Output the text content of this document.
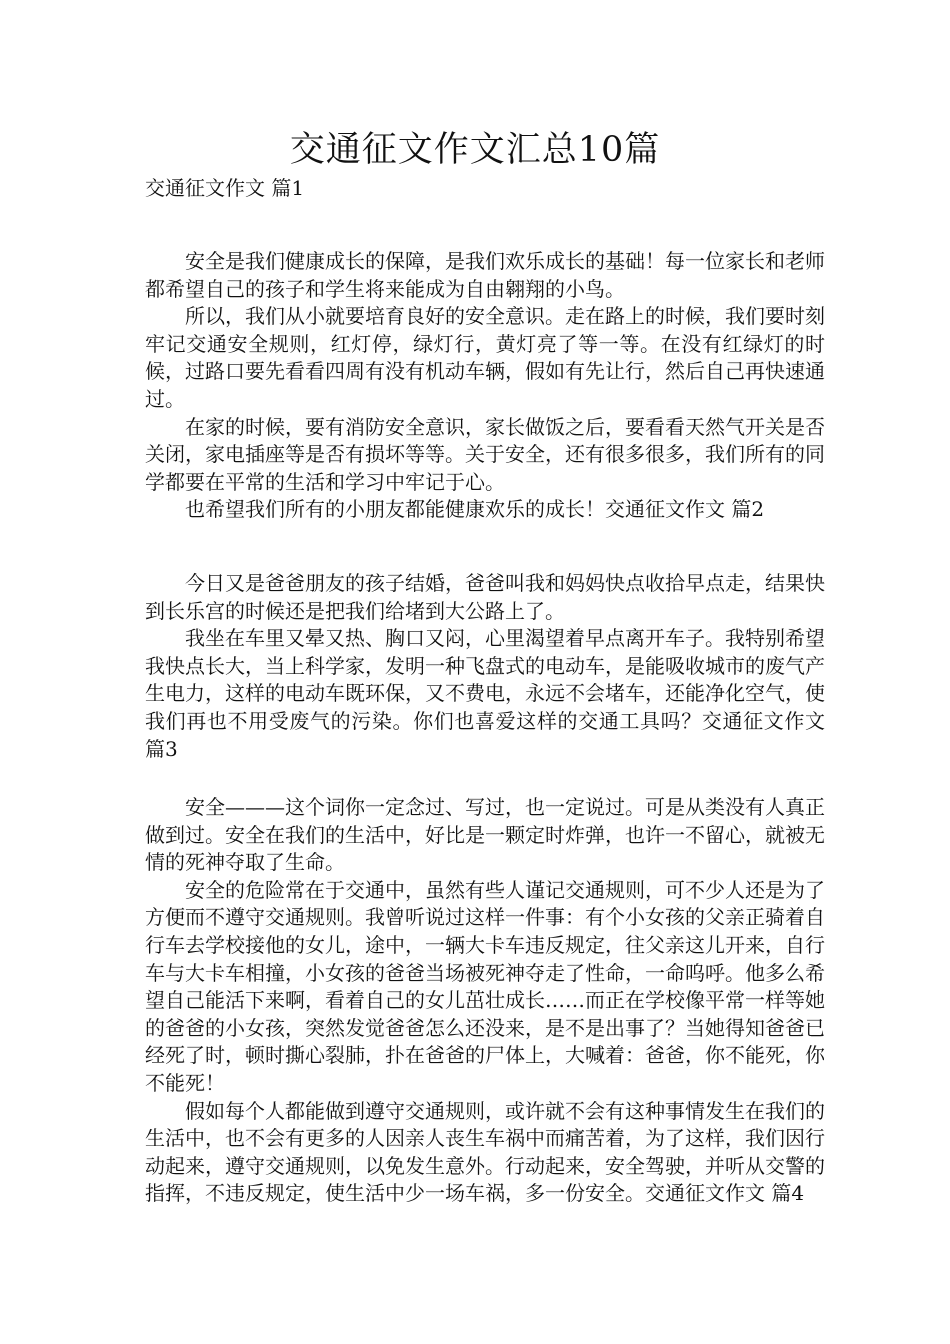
交通征文作文汇总10篇
交通征文作文 篇1

安全是我们健康成长的保障，是我们欢乐成长的基础！每一位家长和老师都希望自己的孩子和学生将来能成为自由翱翔的小鸟。

所以，我们从小就要培育良好的安全意识。走在路上的时候，我们要时刻牢记交通安全规则，红灯停，绿灯行，黄灯亮了等一等。在没有红绿灯的时候，过路口要先看看四周有没有机动车辆，假如有先让行，然后自己再快速通过。

在家的时候，要有消防安全意识，家长做饭之后，要看看天然气开关是否关闭，家电插座等是否有损坏等等。关于安全，还有很多很多，我们所有的同学都要在平常的生活和学习中牢记于心。

也希望我们所有的小朋友都能健康欢乐的成长！交通征文作文 篇2

今日又是爸爸朋友的孩子结婚，爸爸叫我和妈妈快点收拾早点走，结果快到长乐宫的时候还是把我们给堵到大公路上了。

我坐在车里又晕又热、胸口又闷，心里渴望着早点离开车子。我特别希望我快点长大，当上科学家，发明一种飞盘式的电动车，是能吸收城市的废气产生电力，这样的电动车既环保，又不费电，永远不会堵车，还能净化空气，使我们再也不用受废气的污染。你们也喜爱这样的交通工具吗？交通征文作文 篇3

安全———这个词你一定念过、写过，也一定说过。可是从类没有人真正做到过。安全在我们的生活中，好比是一颗定时炸弹，也许一不留心，就被无情的死神夺取了生命。

安全的危险常在于交通中，虽然有些人谨记交通规则，可不少人还是为了方便而不遵守交通规则。我曾听说过这样一件事：有个小女孩的父亲正骑着自行车去学校接他的女儿，途中，一辆大卡车违反规定，往父亲这儿开来，自行车与大卡车相撞，小女孩的爸爸当场被死神夺走了性命，一命呜呼。他多么希望自己能活下来啊，看着自己的女儿茁壮成长……而正在学校像平常一样等她的爸爸的小女孩，突然发觉爸爸怎么还没来，是不是出事了？当她得知爸爸已经死了时，顿时撕心裂肺，扑在爸爸的尸体上，大喊着：爸爸，你不能死，你不能死！

假如每个人都能做到遵守交通规则，或许就不会有这种事情发生在我们的生活中，也不会有更多的人因亲人丧生车祸中而痛苦着，为了这样，我们因行动起来，遵守交通规则，以免发生意外。行动起来，安全驾驶，并听从交警的指挥，不违反规定，使生活中少一场车祸，多一份安全。交通征文作文 篇4
